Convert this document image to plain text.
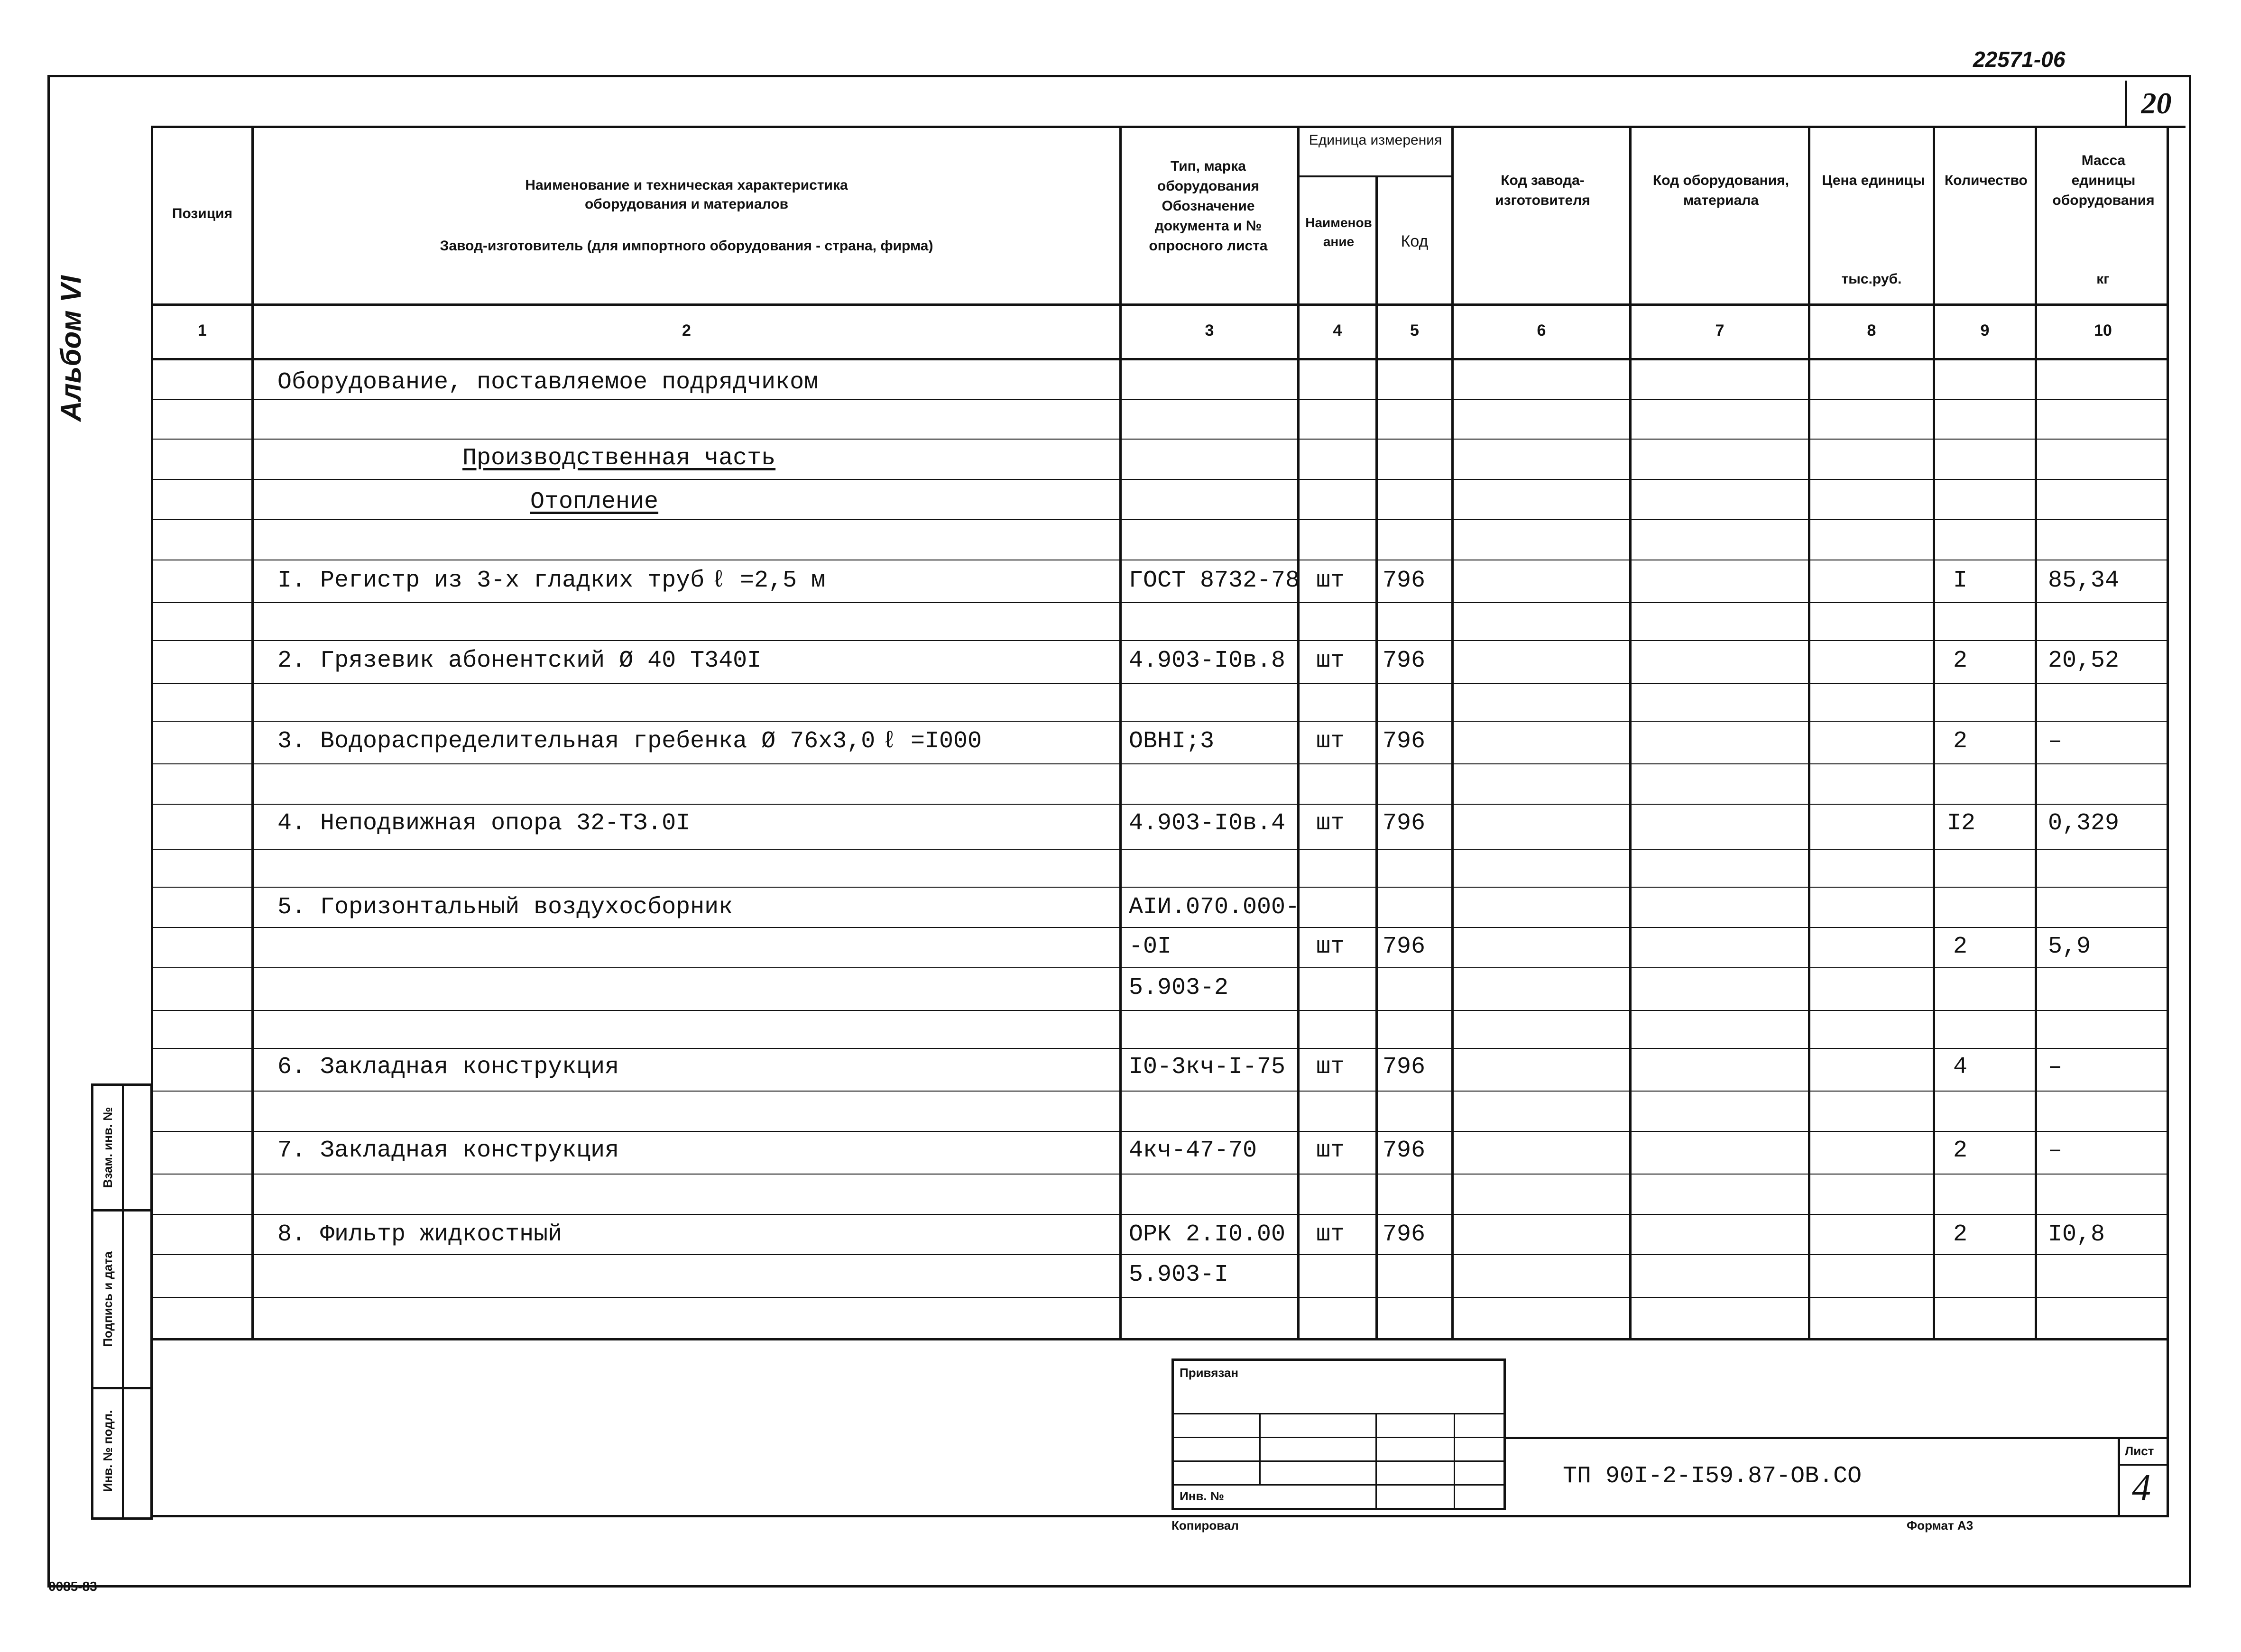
22571-06
20
Альбом VI
Взам. инв. №
Подпись и дата
Инв. № подл.
Позиция
Наименование и техническая характеристика
оборудования и материалов
Завод-изготовитель (для импортного оборудования - страна, фирма)
Тип, марка оборудования Обозначение документа и № опросного листа
Единица измерения
Наименование	Код
Код завода-изготовителя
Код оборудования, материала
Цена единицы
тыс.руб.
Количество
Масса единицы оборудования
кг
1	2	3	4	5	6	7	8	9	10
Оборудование, поставляемое подрядчиком
Производственная часть
Отопление
I. Регистр из 3-х гладких труб ℓ =2,5 м	ГОСТ 8732-78 шт 796	I	85,34
2. Грязевик абонентский Ø 40 Т340I	4.903-I0в.8 шт 796	2	20,52
3. Водораспределительная гребенка Ø 76x3,0 ℓ =I000	ОВНI;3	шт 796	2	–
4. Неподвижная опора 32-ТЗ.0I	4.903-I0в.4 шт 796	I2	0,329
5. Горизонтальный воздухосборник	АIИ.070.000-
-0I	шт 796	2	5,9
5.903-2
6. Закладная конструкция	I0-3кч-I-75 шт 796	4	–
7. Закладная конструкция	4кч-47-70 шт 796	2	–
8. Фильтр жидкостный	ОРК 2.I0.00 шт 796	2	I0,8
5.903-I
Привязан
Инв. №
ТП 90I-2-I59.87-ОВ.СО
Лист
4
Копировал	Формат А3
0085-83
